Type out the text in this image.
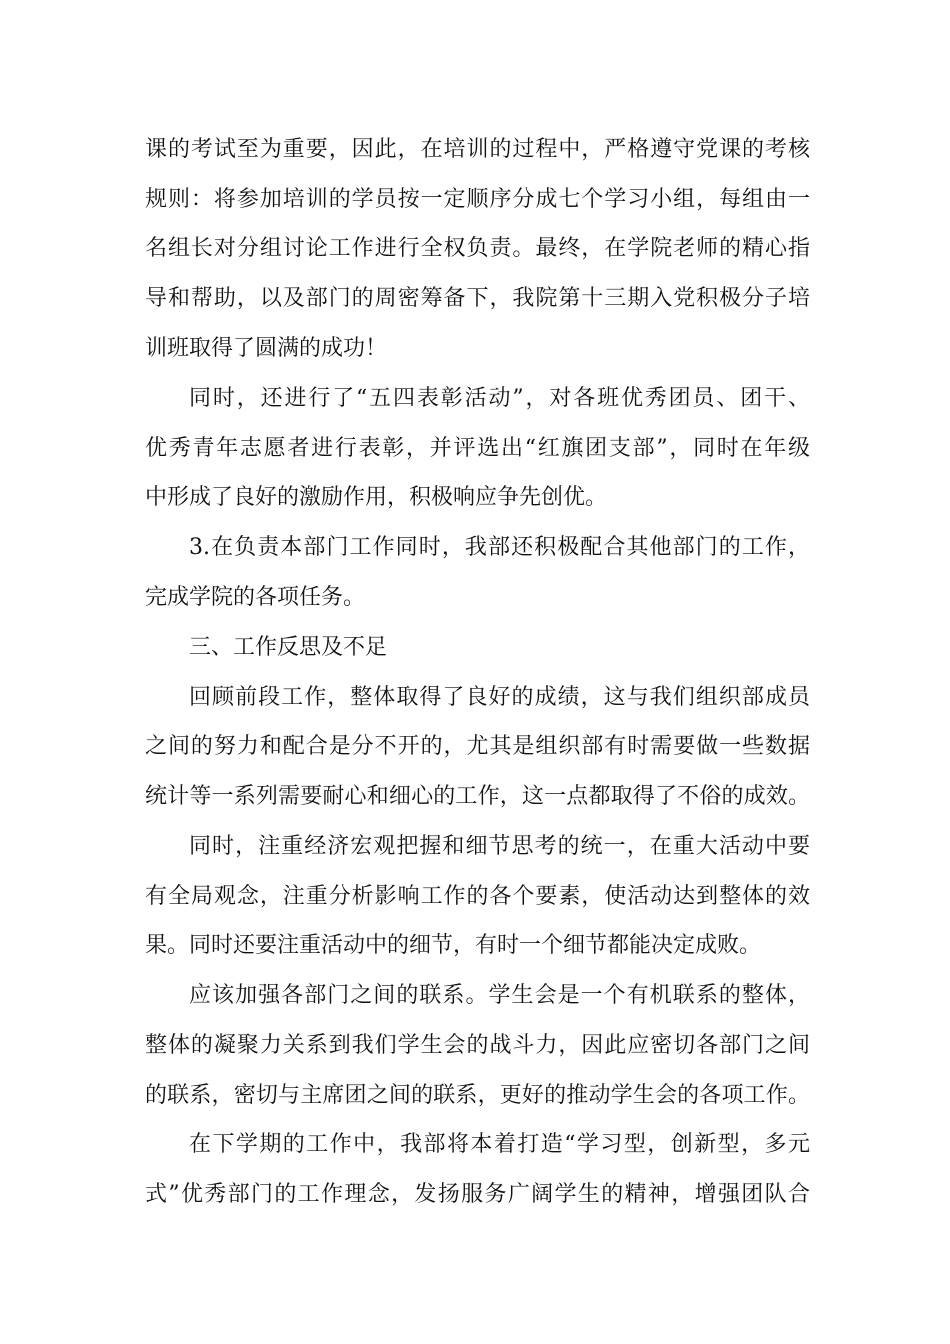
课的考试至为重要，因此，在培训的过程中，严格遵守党课的考核

规则：将参加培训的学员按一定顺序分成七个学习小组，每组由一

名组长对分组讨论工作进行全权负责。最终，在学院老师的精心指

导和帮助，以及部门的周密筹备下，我院第十三期入党积极分子培

训班取得了圆满的成功！

同时，还进行了“五四表彰活动”，对各班优秀团员、团干、

优秀青年志愿者进行表彰，并评选出“红旗团支部”，同时在年级

中形成了良好的激励作用，积极响应争先创优。

3.在负责本部门工作同时，我部还积极配合其他部门的工作，

完成学院的各项任务。

三、工作反思及不足

回顾前段工作，整体取得了良好的成绩，这与我们组织部成员

之间的努力和配合是分不开的，尤其是组织部有时需要做一些数据

统计等一系列需要耐心和细心的工作，这一点都取得了不俗的成效。

同时，注重经济宏观把握和细节思考的统一，在重大活动中要

有全局观念，注重分析影响工作的各个要素，使活动达到整体的效

果。同时还要注重活动中的细节，有时一个细节都能决定成败。

应该加强各部门之间的联系。学生会是一个有机联系的整体，

整体的凝聚力关系到我们学生会的战斗力，因此应密切各部门之间

的联系，密切与主席团之间的联系，更好的推动学生会的各项工作。

在下学期的工作中，我部将本着打造“学习型，创新型，多元

式”优秀部门的工作理念，发扬服务广阔学生的精神，增强团队合
